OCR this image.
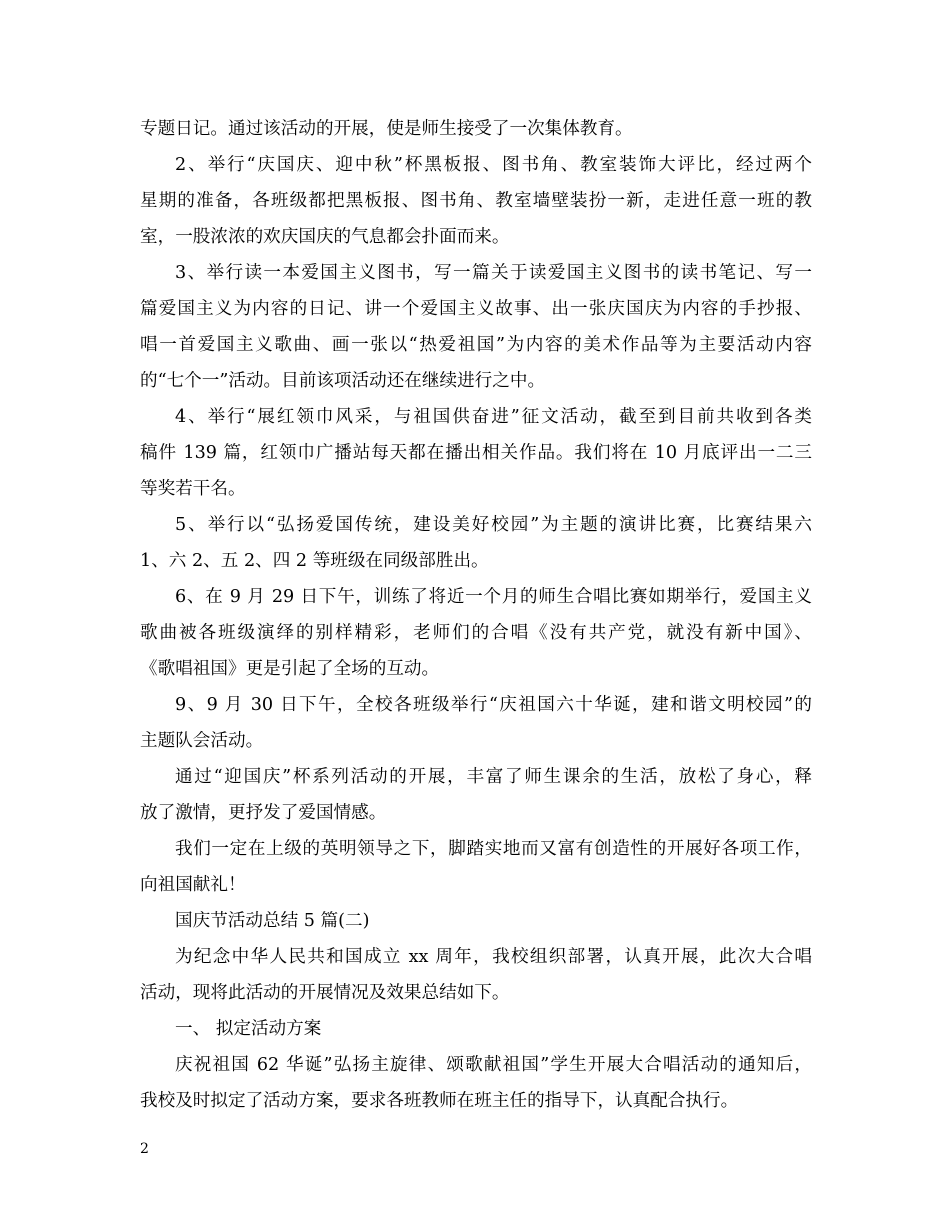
专题日记。通过该活动的开展，使是师生接受了一次集体教育。

2、举行“庆国庆、迎中秋”杯黑板报、图书角、教室装饰大评比，经过两个

星期的准备，各班级都把黑板报、图书角、教室墙壁装扮一新，走进任意一班的教

室，一股浓浓的欢庆国庆的气息都会扑面而来。

3、举行读一本爱国主义图书，写一篇关于读爱国主义图书的读书笔记、写一

篇爱国主义为内容的日记、讲一个爱国主义故事、出一张庆国庆为内容的手抄报、

唱一首爱国主义歌曲、画一张以“热爱祖国”为内容的美术作品等为主要活动内容

的“七个一”活动。目前该项活动还在继续进行之中。

4、举行“展红领巾风采，与祖国供奋进”征文活动，截至到目前共收到各类

稿件 139 篇，红领巾广播站每天都在播出相关作品。我们将在 10 月底评出一二三

等奖若干名。

5、举行以“弘扬爱国传统，建设美好校园”为主题的演讲比赛，比赛结果六

1、六 2、五 2、四 2 等班级在同级部胜出。

6、在 9 月 29 日下午，训练了将近一个月的师生合唱比赛如期举行，爱国主义

歌曲被各班级演绎的别样精彩，老师们的合唱《没有共产党，就没有新中国》、

《歌唱祖国》更是引起了全场的互动。

9、9 月 30 日下午，全校各班级举行“庆祖国六十华诞，建和谐文明校园”的

主题队会活动。

通过“迎国庆”杯系列活动的开展，丰富了师生课余的生活，放松了身心，释

放了激情，更抒发了爱国情感。

我们一定在上级的英明领导之下，脚踏实地而又富有创造性的开展好各项工作，

向祖国献礼！

国庆节活动总结 5 篇(二)

为纪念中华人民共和国成立 xx 周年，我校组织部署，认真开展，此次大合唱

活动，现将此活动的开展情况及效果总结如下。

一、 拟定活动方案

庆祝祖国 62 华诞”弘扬主旋律、颂歌献祖国”学生开展大合唱活动的通知后，

我校及时拟定了活动方案，要求各班教师在班主任的指导下，认真配合执行。

2
